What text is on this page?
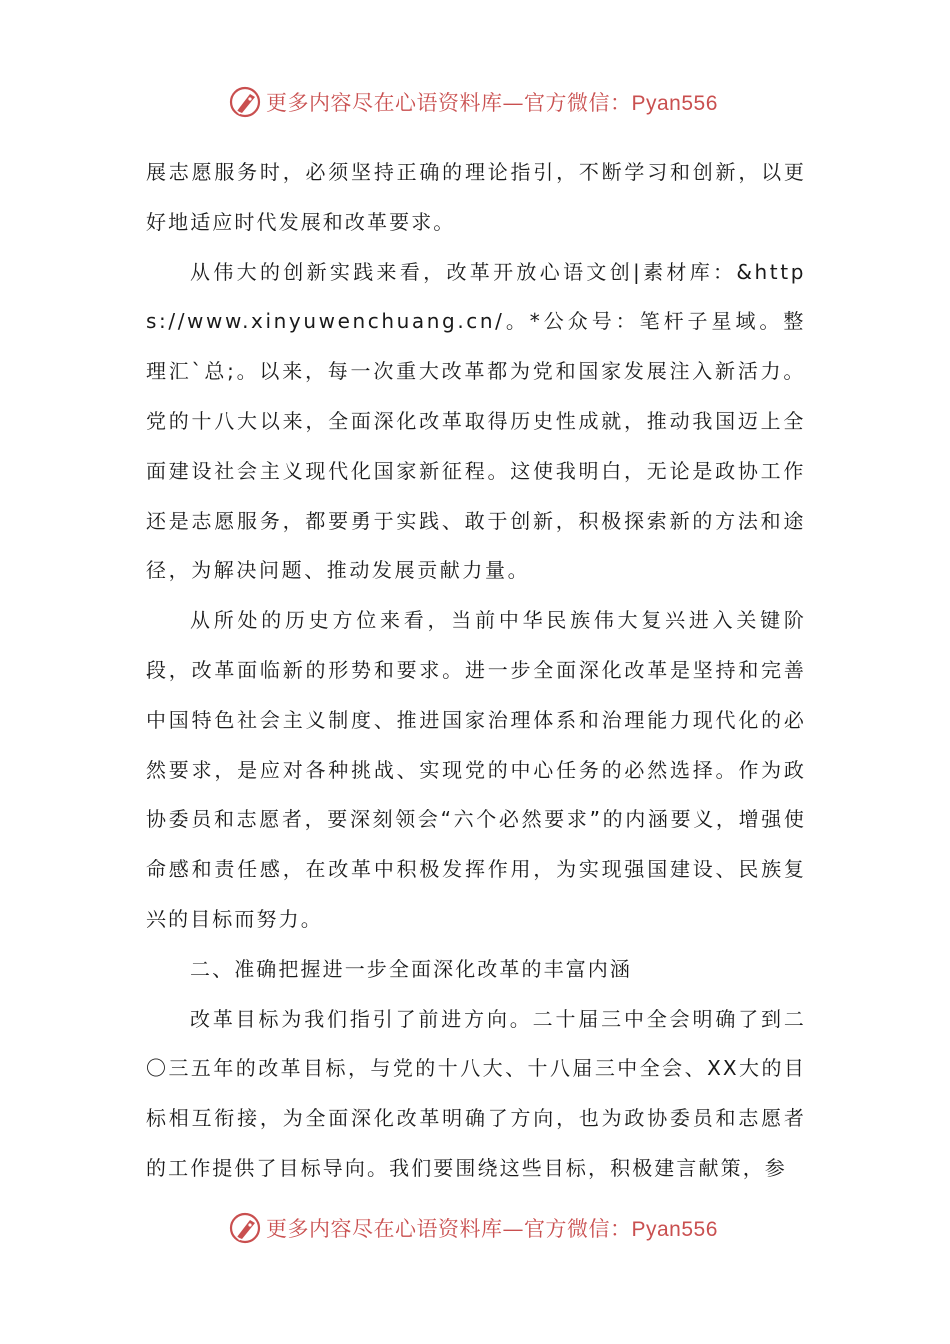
更多内容尽在心语资料库—官方微信：Pyan556

展志愿服务时，必须坚持正确的理论指引，不断学习和创新，以更好地适应时代发展和改革要求。

从伟大的创新实践来看，改革开放心语文创|素材库：&https://www.xinyuwenchuang.cn/。*公众号：笔杆子星域。整理汇`总;。以来，每一次重大改革都为党和国家发展注入新活力。党的十八大以来，全面深化改革取得历史性成就，推动我国迈上全面建设社会主义现代化国家新征程。这使我明白，无论是政协工作还是志愿服务，都要勇于实践、敢于创新，积极探索新的方法和途径，为解决问题、推动发展贡献力量。

从所处的历史方位来看，当前中华民族伟大复兴进入关键阶段，改革面临新的形势和要求。进一步全面深化改革是坚持和完善中国特色社会主义制度、推进国家治理体系和治理能力现代化的必然要求，是应对各种挑战、实现党的中心任务的必然选择。作为政协委员和志愿者，要深刻领会“六个必然要求”的内涵要义，增强使命感和责任感，在改革中积极发挥作用，为实现强国建设、民族复兴的目标而努力。

二、准确把握进一步全面深化改革的丰富内涵

改革目标为我们指引了前进方向。二十届三中全会明确了到二〇三五年的改革目标，与党的十八大、十八届三中全会、XX大的目标相互衔接，为全面深化改革明确了方向，也为政协委员和志愿者的工作提供了目标导向。我们要围绕这些目标，积极建言献策，参

更多内容尽在心语资料库—官方微信：Pyan556
